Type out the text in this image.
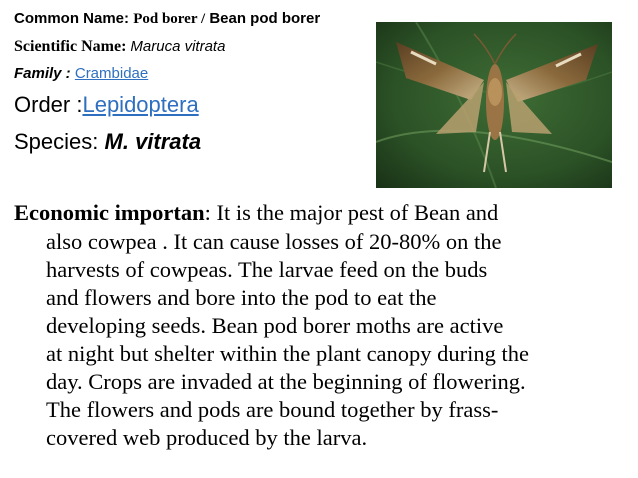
Common Name: Pod borer / Bean pod borer
Scientific Name: Maruca vitrata
Family : Crambidae
Order :Lepidoptera
Species: M. vitrata
Economic importan: It is the major pest of Bean and
also cowpea . It can cause losses of 20-80% on the
harvests of cowpeas. The larvae feed on the buds
and flowers and bore into the pod to eat the
developing seeds. Bean pod borer moths are active
at night but shelter within the plant canopy during the
day. Crops are invaded at the beginning of flowering.
The flowers and pods are bound together by frass-
covered web produced by the larva.
